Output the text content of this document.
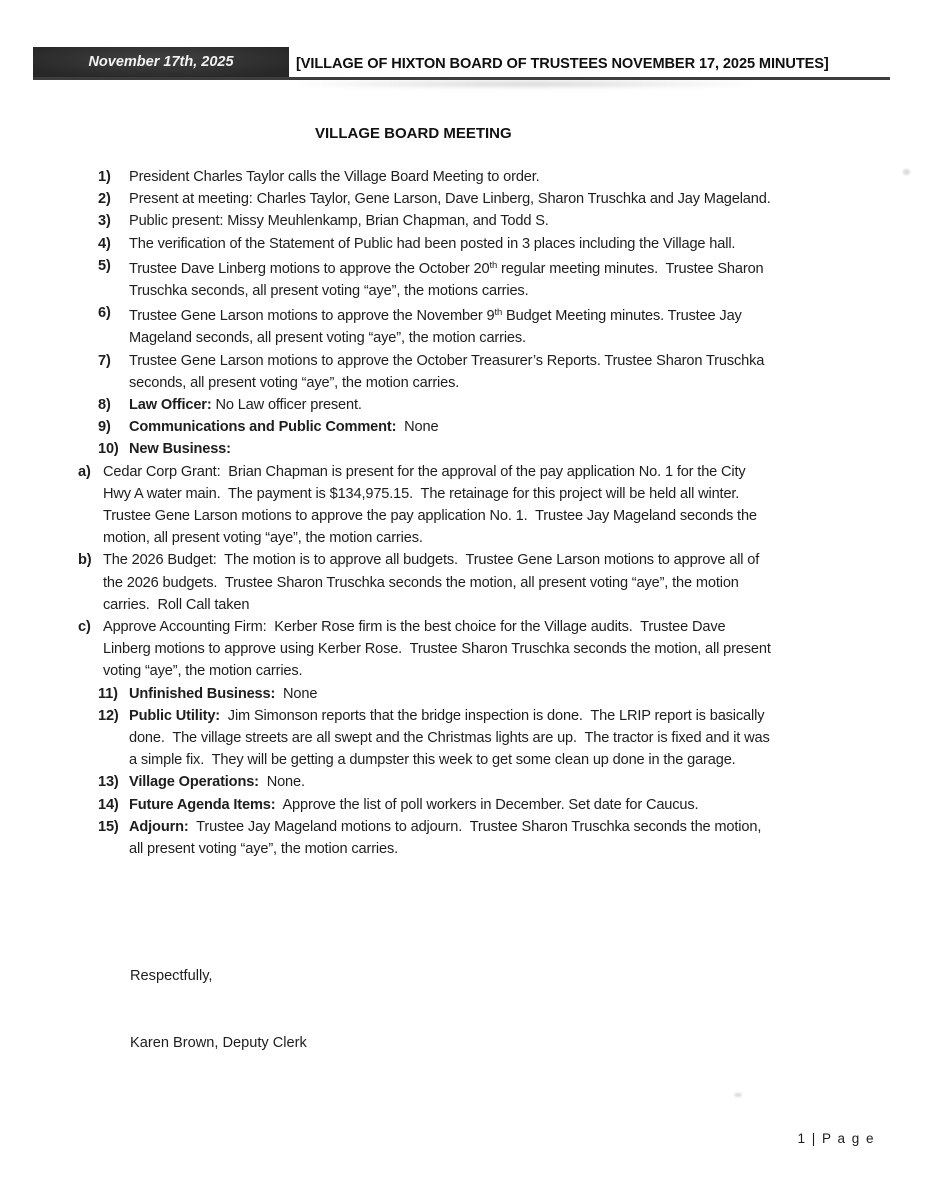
November 17th, 2025	[VILLAGE OF HIXTON BOARD OF TRUSTEES NOVEMBER 17, 2025 MINUTES]
VILLAGE BOARD MEETING
1) President Charles Taylor calls the Village Board Meeting to order.
2) Present at meeting: Charles Taylor, Gene Larson, Dave Linberg, Sharon Truschka and Jay Mageland.
3) Public present: Missy Meuhlenkamp, Brian Chapman, and Todd S.
4) The verification of the Statement of Public had been posted in 3 places including the Village hall.
5) Trustee Dave Linberg motions to approve the October 20th regular meeting minutes.  Trustee Sharon
Truschka seconds, all present voting “aye”, the motions carries.
6) Trustee Gene Larson motions to approve the November 9th Budget Meeting minutes. Trustee Jay
Mageland seconds, all present voting “aye”, the motion carries.
7) Trustee Gene Larson motions to approve the October Treasurer’s Reports. Trustee Sharon Truschka
seconds, all present voting “aye”, the motion carries.
8) Law Officer: No Law officer present.
9) Communications and Public Comment:  None
10) New Business:
a) Cedar Corp Grant:  Brian Chapman is present for the approval of the pay application No. 1 for the City
Hwy A water main.  The payment is $134,975.15.  The retainage for this project will be held all winter.
Trustee Gene Larson motions to approve the pay application No. 1.  Trustee Jay Mageland seconds the
motion, all present voting “aye”, the motion carries.
b) The 2026 Budget:  The motion is to approve all budgets.  Trustee Gene Larson motions to approve all of
the 2026 budgets.  Trustee Sharon Truschka seconds the motion, all present voting “aye”, the motion
carries.  Roll Call taken
c) Approve Accounting Firm:  Kerber Rose firm is the best choice for the Village audits.  Trustee Dave
Linberg motions to approve using Kerber Rose.  Trustee Sharon Truschka seconds the motion, all present
voting “aye”, the motion carries.
11) Unfinished Business:  None
12) Public Utility:  Jim Simonson reports that the bridge inspection is done.  The LRIP report is basically
done.  The village streets are all swept and the Christmas lights are up.  The tractor is fixed and it was
a simple fix.  They will be getting a dumpster this week to get some clean up done in the garage.
13) Village Operations:  None.
14) Future Agenda Items:  Approve the list of poll workers in December. Set date for Caucus.
15) Adjourn:  Trustee Jay Mageland motions to adjourn.  Trustee Sharon Truschka seconds the motion,
all present voting “aye”, the motion carries.

Respectfully,

Karen Brown, Deputy Clerk

1 | P a g e
